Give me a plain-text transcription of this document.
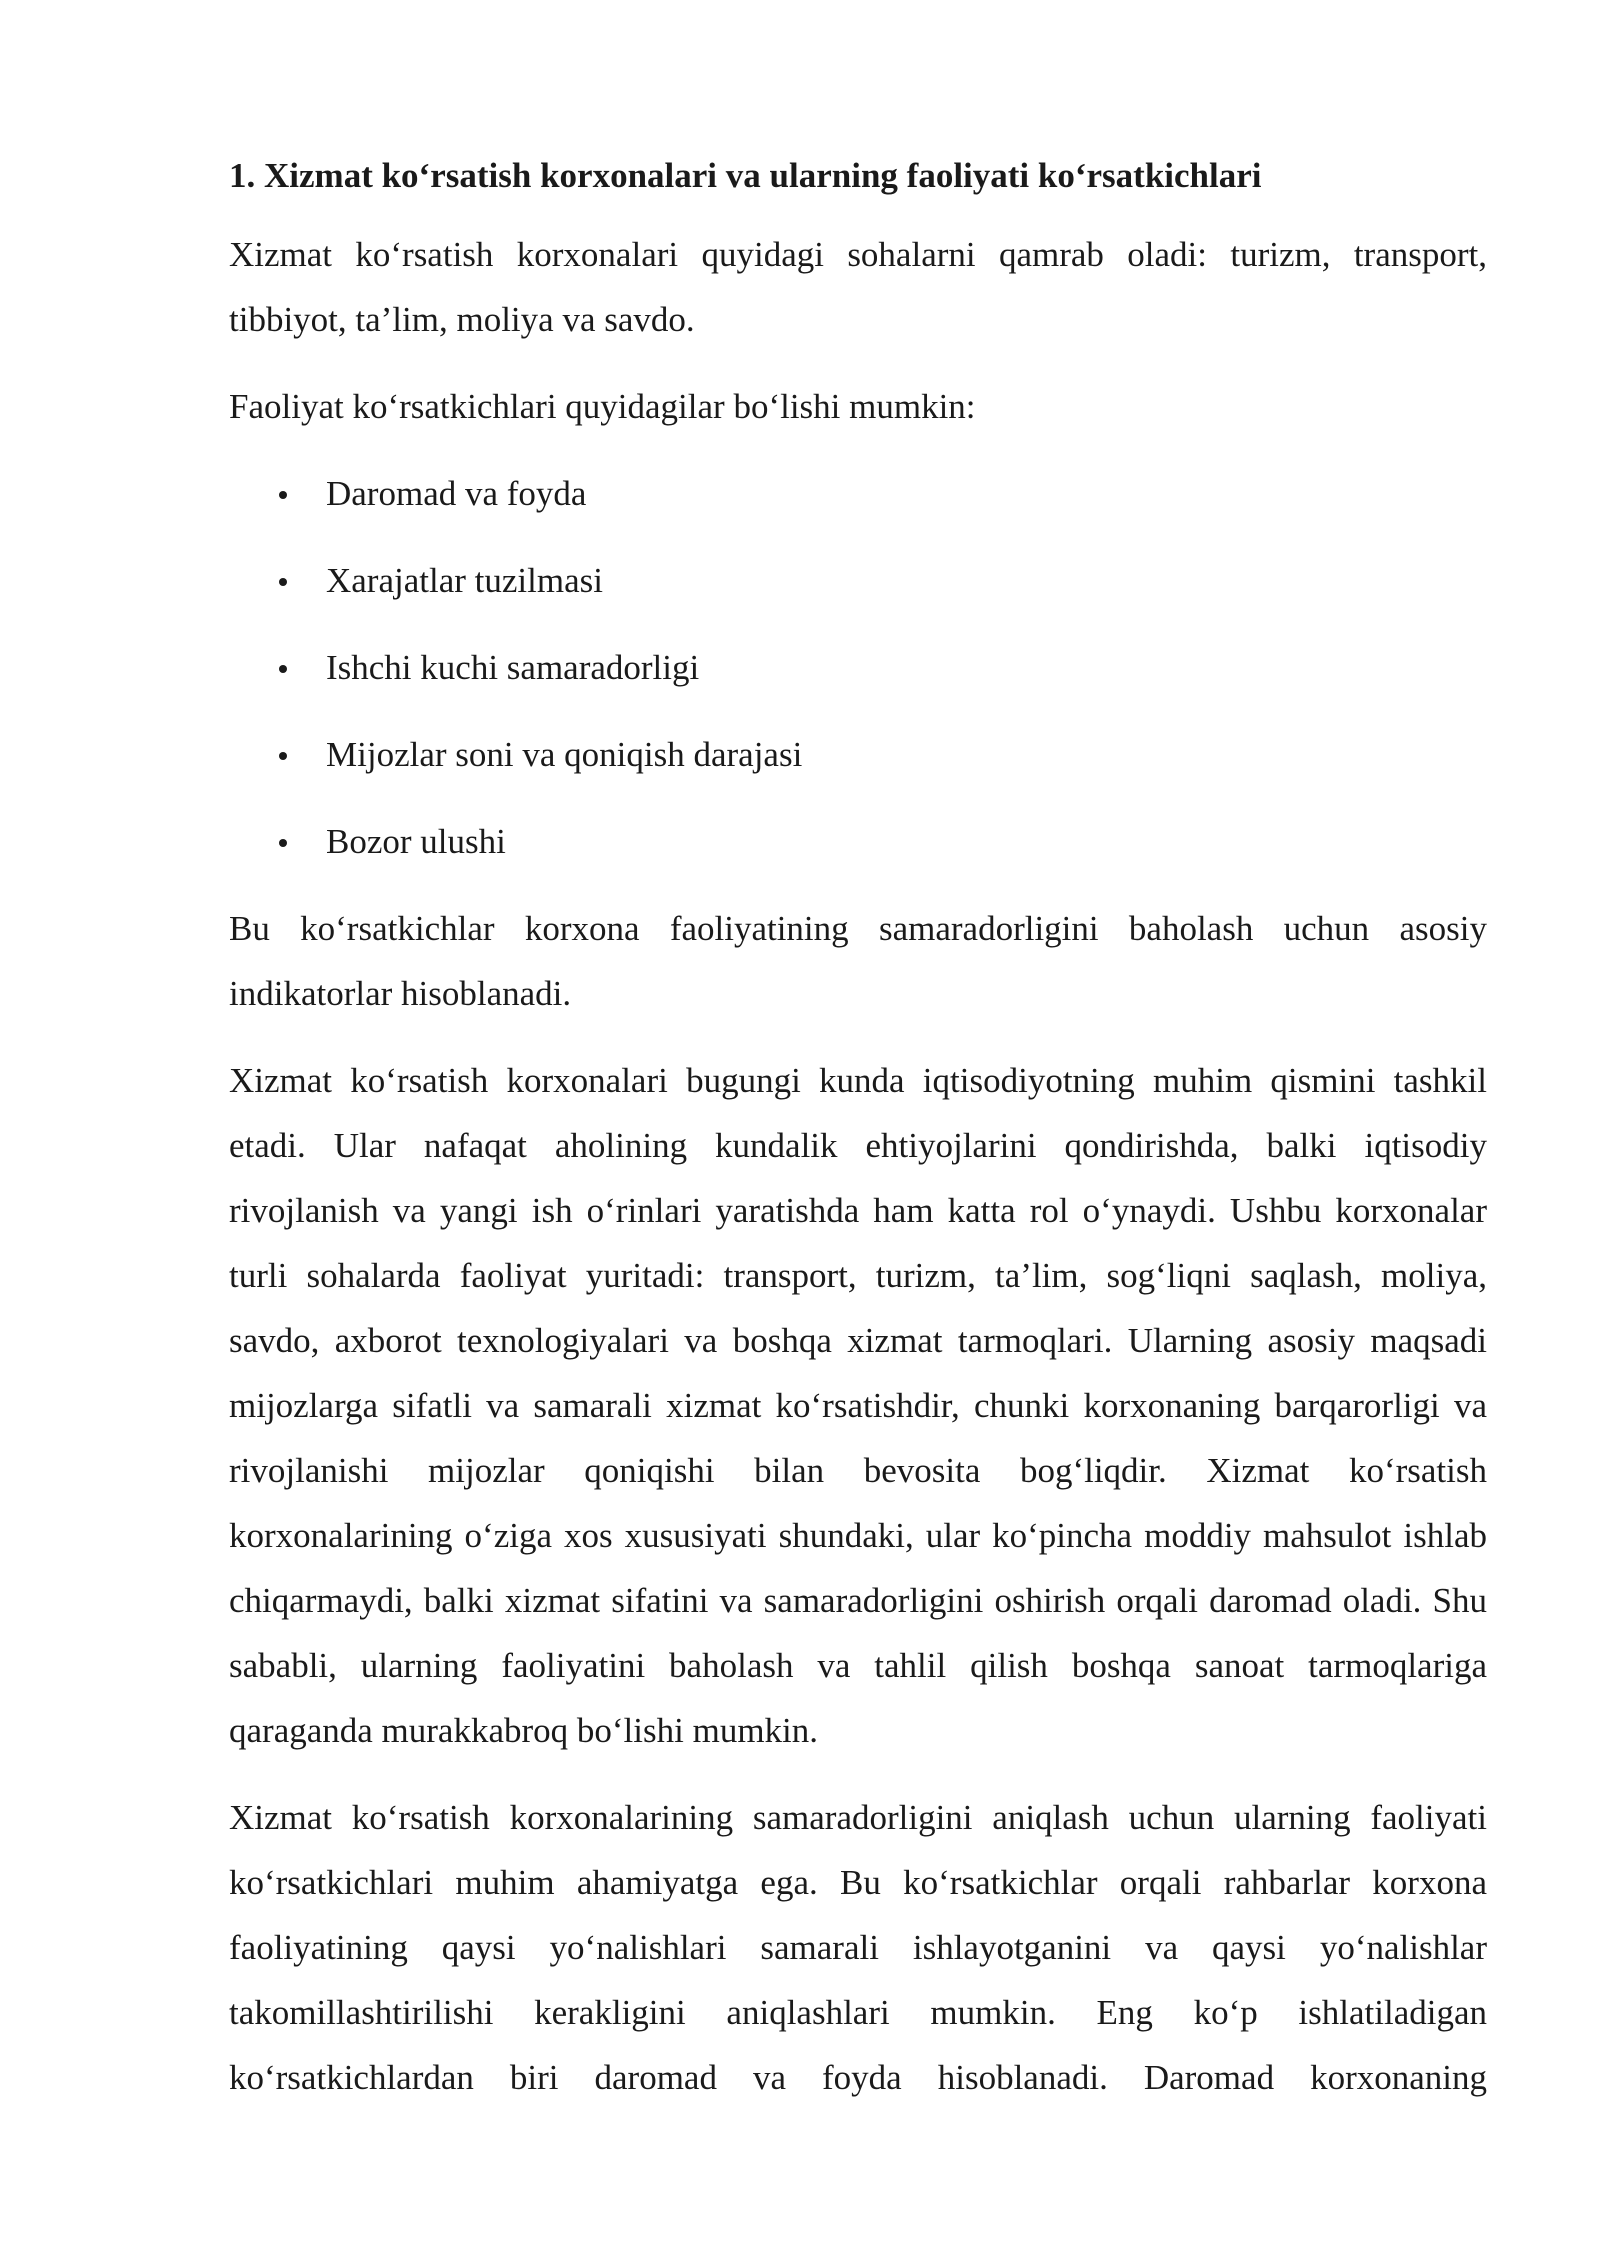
1. Xizmat ko‘rsatish korxonalari va ularning faoliyati ko‘rsatkichlari

Xizmat ko‘rsatish korxonalari quyidagi sohalarni qamrab oladi: turizm, transport, tibbiyot, ta’lim, moliya va savdo.

Faoliyat ko‘rsatkichlari quyidagilar bo‘lishi mumkin:

Daromad va foyda
Xarajatlar tuzilmasi
Ishchi kuchi samaradorligi
Mijozlar soni va qoniqish darajasi
Bozor ulushi

Bu ko‘rsatkichlar korxona faoliyatining samaradorligini baholash uchun asosiy indikatorlar hisoblanadi.

Xizmat ko‘rsatish korxonalari bugungi kunda iqtisodiyotning muhim qismini tashkil etadi. Ular nafaqat aholining kundalik ehtiyojlarini qondirishda, balki iqtisodiy rivojlanish va yangi ish o‘rinlari yaratishda ham katta rol o‘ynaydi. Ushbu korxonalar turli sohalarda faoliyat yuritadi: transport, turizm, ta’lim, sog‘liqni saqlash, moliya, savdo, axborot texnologiyalari va boshqa xizmat tarmoqlari. Ularning asosiy maqsadi mijozlarga sifatli va samarali xizmat ko‘rsatishdir, chunki korxonaning barqarorligi va rivojlanishi mijozlar qoniqishi bilan bevosita bog‘liqdir. Xizmat ko‘rsatish korxonalarining o‘ziga xos xususiyati shundaki, ular ko‘pincha moddiy mahsulot ishlab chiqarmaydi, balki xizmat sifatini va samaradorligini oshirish orqali daromad oladi. Shu sababli, ularning faoliyatini baholash va tahlil qilish boshqa sanoat tarmoqlariga qaraganda murakkabroq bo‘lishi mumkin.

Xizmat ko‘rsatish korxonalarining samaradorligini aniqlash uchun ularning faoliyati ko‘rsatkichlari muhim ahamiyatga ega. Bu ko‘rsatkichlar orqali rahbarlar korxona faoliyatining qaysi yo‘nalishlari samarali ishlayotganini va qaysi yo‘nalishlar takomillashtirilishi kerakligini aniqlashlari mumkin. Eng ko‘p ishlatiladigan ko‘rsatkichlardan biri daromad va foyda hisoblanadi. Daromad korxonaning
